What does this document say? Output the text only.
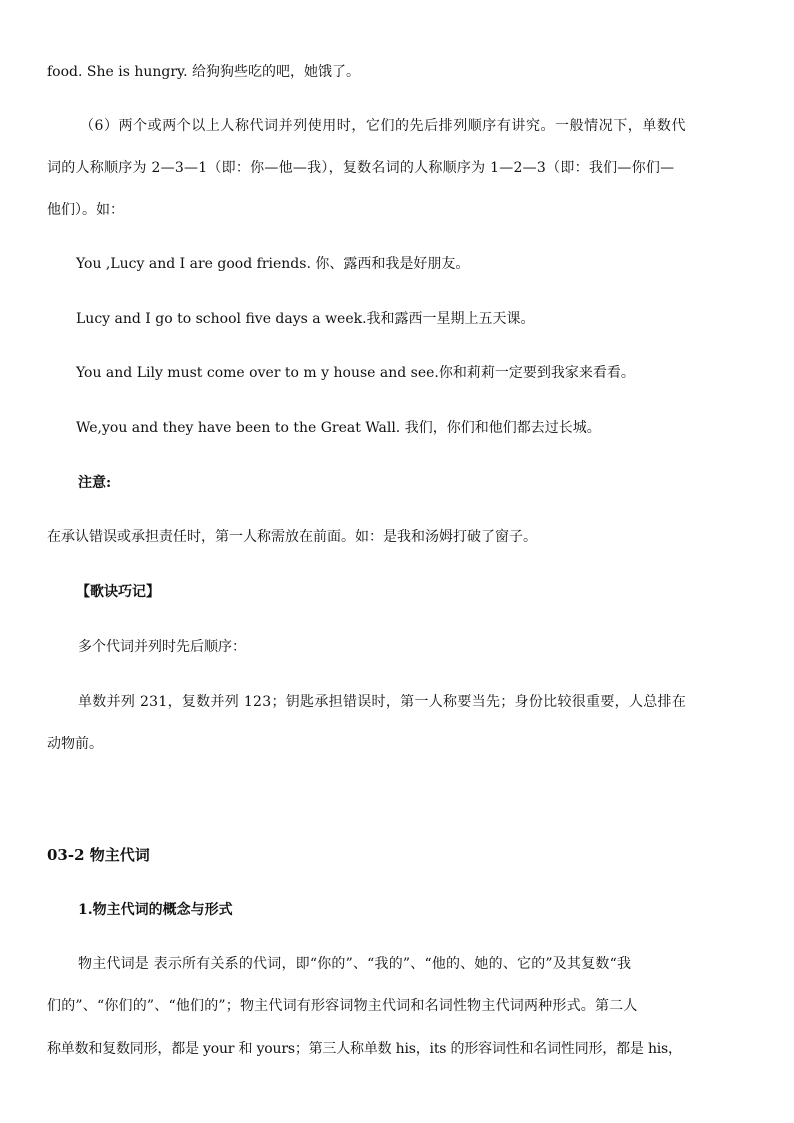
food. She is hungry. 给狗狗些吃的吧，她饿了。
（6）两个或两个以上人称代词并列使用时，它们的先后排列顺序有讲究。一般情况下，单数代
词的人称顺序为 2—3—1（即：你—他—我），复数名词的人称顺序为 1—2—3（即：我们—你们—
他们）。如：
You ,Lucy and I are good friends. 你、露西和我是好朋友。
Lucy and I go to school five days a week.我和露西一星期上五天课。
You and Lily must come over to m y house and see.你和莉莉一定要到我家来看看。
We,you and they have been to the Great Wall. 我们，你们和他们都去过长城。
注意:
在承认错误或承担责任时，第一人称需放在前面。如：是我和汤姆打破了窗子。
【歌诀巧记】
多个代词并列时先后顺序：
单数并列 231，复数并列 123；钥匙承担错误时，第一人称要当先；身份比较很重要，人总排在
动物前。
03-2 物主代词
1.物主代词的概念与形式
物主代词是 表示所有关系的代词，即“你的”、“我的”、“他的、她的、它的”及其复数“我
们的”、“你们的”、“他们的”；物主代词有形容词物主代词和名词性物主代词两种形式。第二人
称单数和复数同形，都是 your 和 yours；第三人称单数 his，its 的形容词性和名词性同形，都是 his，
